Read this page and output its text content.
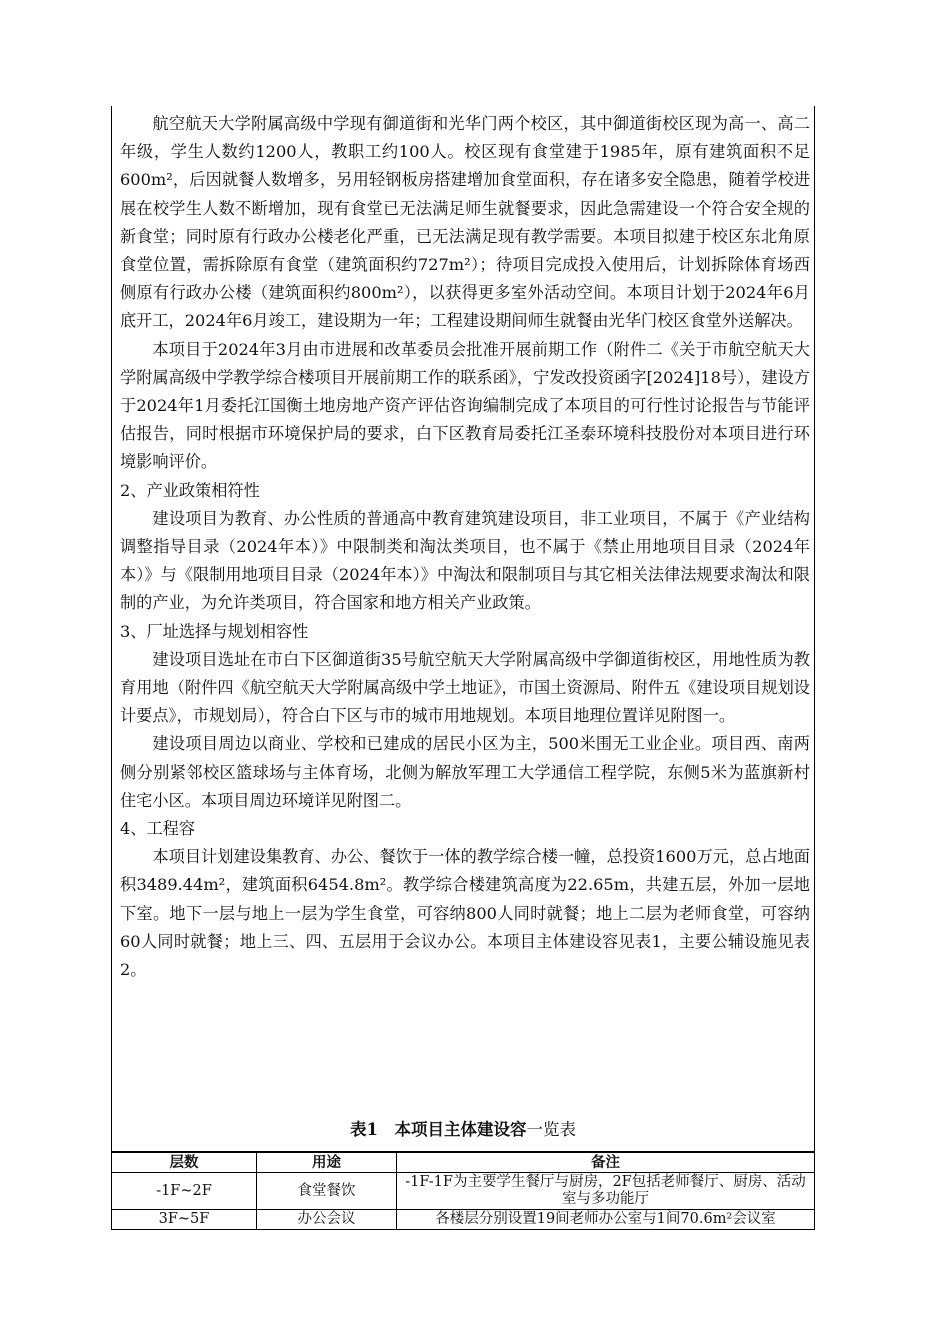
航空航天大学附属高级中学现有御道街和光华门两个校区，其中御道街校区现为高一、高二年级，学生人数约1200人，教职工约100人。校区现有食堂建于1985年，原有建筑面积不足600m²，后因就餐人数增多，另用轻钢板房搭建增加食堂面积，存在诸多安全隐患，随着学校进展在校学生人数不断增加，现有食堂已无法满足师生就餐要求，因此急需建设一个符合安全规的新食堂；同时原有行政办公楼老化严重，已无法满足现有教学需要。本项目拟建于校区东北角原食堂位置，需拆除原有食堂（建筑面积约727m²）；待项目完成投入使用后，计划拆除体育场西侧原有行政办公楼（建筑面积约800m²），以获得更多室外活动空间。本项目计划于2024年6月底开工，2024年6月竣工，建设期为一年；工程建设期间师生就餐由光华门校区食堂外送解决。

本项目于2024年3月由市进展和改革委员会批准开展前期工作（附件二《关于市航空航天大学附属高级中学教学综合楼项目开展前期工作的联系函》，宁发改投资函字[2024]18号），建设方于2024年1月委托江国衡土地房地产资产评估咨询编制完成了本项目的可行性讨论报告与节能评估报告，同时根据市环境保护局的要求，白下区教育局委托江圣泰环境科技股份对本项目进行环境影响评价。

2、产业政策相符性

建设项目为教育、办公性质的普通高中教育建筑建设项目，非工业项目，不属于《产业结构调整指导目录（2024年本）》中限制类和淘汰类项目，也不属于《禁止用地项目目录（2024年本）》与《限制用地项目目录（2024年本）》中淘汰和限制项目与其它相关法律法规要求淘汰和限制的产业，为允许类项目，符合国家和地方相关产业政策。

3、厂址选择与规划相容性

建设项目选址在市白下区御道街35号航空航天大学附属高级中学御道街校区，用地性质为教育用地（附件四《航空航天大学附属高级中学土地证》，市国土资源局、附件五《建设项目规划设计要点》，市规划局），符合白下区与市的城市用地规划。本项目地理位置详见附图一。

建设项目周边以商业、学校和已建成的居民小区为主，500米围无工业企业。项目西、南两侧分别紧邻校区篮球场与主体育场，北侧为解放军理工大学通信工程学院，东侧5米为蓝旗新村住宅小区。本项目周边环境详见附图二。

4、工程容

本项目计划建设集教育、办公、餐饮于一体的教学综合楼一幢，总投资1600万元，总占地面积3489.44m²，建筑面积6454.8m²。教学综合楼建筑高度为22.65m，共建五层，外加一层地下室。地下一层与地上一层为学生食堂，可容纳800人同时就餐；地上二层为老师食堂，可容纳60人同时就餐；地上三、四、五层用于会议办公。本项目主体建设容见表1，主要公辅设施见表2。

表1　本项目主体建设容一览表
层数	用途	备注
-1F~2F	食堂餐饮	-1F-1F为主要学生餐厅与厨房，2F包括老师餐厅、厨房、活动室与多功能厅
3F~5F	办公会议	各楼层分别设置19间老师办公室与1间70.6m²会议室
